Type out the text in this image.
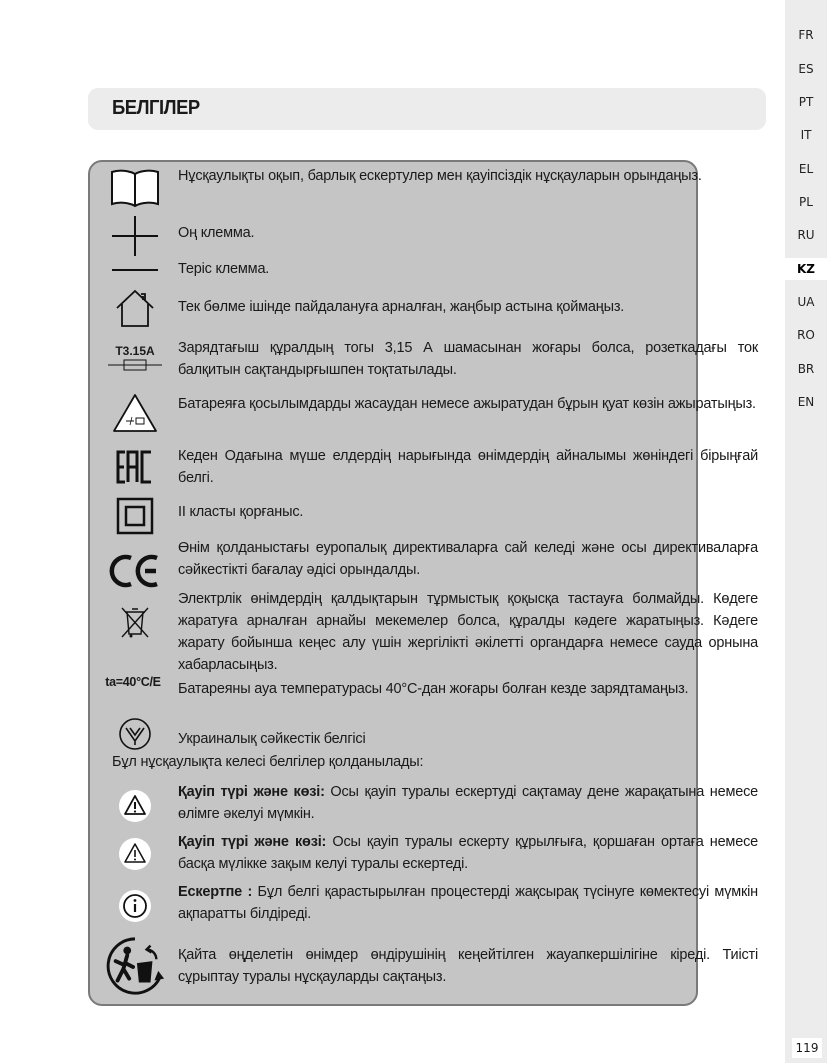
FR
ES
PT
IT
EL
PL
RU
KZ
UA
RO
BR
EN
119
БЕЛГІЛЕР
Нұсқаулықты оқып, барлық ескертулер мен қауіпсіздік нұсқауларын орындаңыз.
Оң клемма.
Теріс клемма.
Тек бөлме ішінде пайдалануға арналған, жаңбыр астына қоймаңыз.
T3.15A Зарядтағыш құралдың тогы 3,15 А шамасынан жоғары болса, розеткадағы ток балқитын сақтандырғышпен тоқтатылады.
Батареяға қосылымдарды жасаудан немесе ажыратудан бұрын қуат көзін ажыратыңыз.
Кеден Одағына мүше елдердің нарығында өнімдердің айналымы жөніндегі бірыңғай белгі.
II класты қорғаныс.
Өнім қолданыстағы еуропалық директиваларға сай келеді және осы директиваларға сәйкестікті бағалау әдісі орындалды.
Электрлік өнімдердің қалдықтарын тұрмыстық қоқысқа тастауға болмайды. Көдеге жаратуға арналған арнайы мекемелер болса, құралды кәдеге жаратыңыз. Кәдеге жарату бойынша кеңес алу үшін жергілікті әкілетті органдарға немесе сауда орнына хабарласыңыз.
ta=40°C/E Батареяны ауа температурасы 40°C-дан жоғары болған кезде зарядтамаңыз.
Украиналық сәйкестік белгісі
Бұл нұсқаулықта келесі белгілер қолданылады:
Қауіп түрі және көзі: Осы қауіп туралы ескертуді сақтамау дене жарақатына немесе өлімге әкелуі мүмкін.
Қауіп түрі және көзі: Осы қауіп туралы ескерту құрылғыға, қоршаған ортаға немесе басқа мүлікке зақым келуі туралы ескертеді.
Ескертпе : Бұл белгі қарастырылған процестерді жақсырақ түсінуге көмектесуі мүмкін ақпаратты білдіреді.
Қайта өңделетін өнімдер өндірушінің кеңейтілген жауапкершілігіне кіреді. Тиісті сұрыптау туралы нұсқауларды сақтаңыз.
